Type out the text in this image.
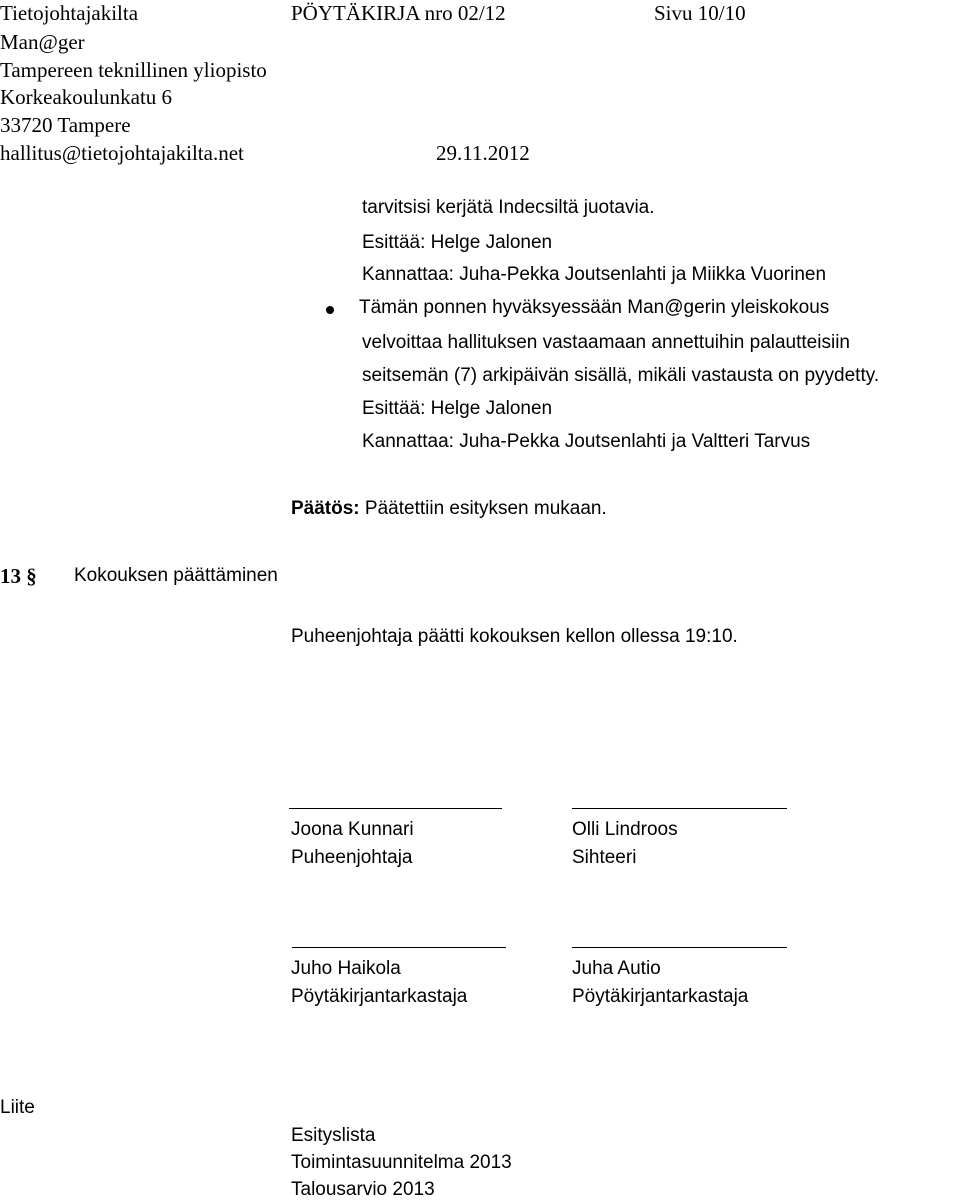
Tietojohtajakilta	PÖYTÄKIRJA nro 02/12	Sivu 10/10
Man@ger
Tampereen teknillinen yliopisto
Korkeakoulunkatu 6
33720 Tampere
hallitus@tietojohtajakilta.net	29.11.2012
tarvitsisi kerjätä Indecsiltä juotavia.
Esittää: Helge Jalonen
Kannattaa: Juha-Pekka Joutsenlahti ja Miikka Vuorinen
Tämän ponnen hyväksyessään Man@gerin yleiskokous
velvoittaa hallituksen vastaamaan annettuihin palautteisiin
seitsemän (7) arkipäivän sisällä, mikäli vastausta on pyydetty.
Esittää: Helge Jalonen
Kannattaa: Juha-Pekka Joutsenlahti ja Valtteri Tarvus
Päätös: Päätettiin esityksen mukaan.
13 § Kokouksen päättäminen
Puheenjohtaja päätti kokouksen kellon ollessa 19:10.
Joona Kunnari
Puheenjohtaja
Olli Lindroos
Sihteeri
Juho Haikola
Pöytäkirjantarkastaja
Juha Autio
Pöytäkirjantarkastaja
Liite
Esityslista
Toimintasuunnitelma 2013
Talousarvio 2013
